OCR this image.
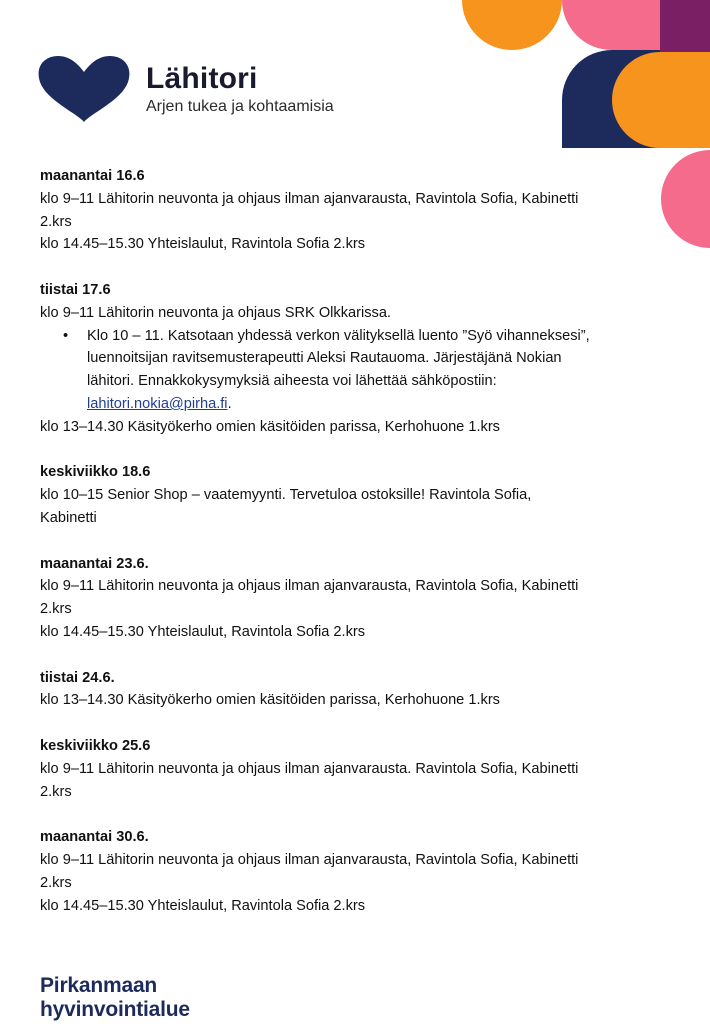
Lähitori
Arjen tukea ja kohtaamisia
maanantai 16.6

klo 9–11 Lähitorin neuvonta ja ohjaus ilman ajanvarausta, Ravintola Sofia, Kabinetti

2.krs

klo 14.45–15.30 Yhteislaulut, Ravintola Sofia 2.krs

tiistai 17.6

klo 9–11 Lähitorin neuvonta ja ohjaus SRK Olkkarissa.

• Klo 10 – 11. Katsotaan yhdessä verkon välityksellä luento ”Syö vihanneksesi”,
luennoitsijan ravitsemusterapeutti Aleksi Rautauoma. Järjestäjänä Nokian
lähitori. Ennakkokysymyksiä aiheesta voi lähettää sähköpostiin:
lahitori.nokia@pirha.fi.

klo 13–14.30 Käsityökerho omien käsitöiden parissa, Kerhohuone 1.krs

keskiviikko 18.6

klo 10–15 Senior Shop – vaatemyynti. Tervetuloa ostoksille! Ravintola Sofia,

Kabinetti

maanantai 23.6.

klo 9–11 Lähitorin neuvonta ja ohjaus ilman ajanvarausta, Ravintola Sofia, Kabinetti

2.krs

klo 14.45–15.30 Yhteislaulut, Ravintola Sofia 2.krs

tiistai 24.6.

klo 13–14.30 Käsityökerho omien käsitöiden parissa, Kerhohuone 1.krs

keskiviikko 25.6

klo 9–11 Lähitorin neuvonta ja ohjaus ilman ajanvarausta. Ravintola Sofia, Kabinetti

2.krs

maanantai 30.6.

klo 9–11 Lähitorin neuvonta ja ohjaus ilman ajanvarausta, Ravintola Sofia, Kabinetti

2.krs

klo 14.45–15.30 Yhteislaulut, Ravintola Sofia 2.krs

Pirkanmaan
hyvinvointialue
